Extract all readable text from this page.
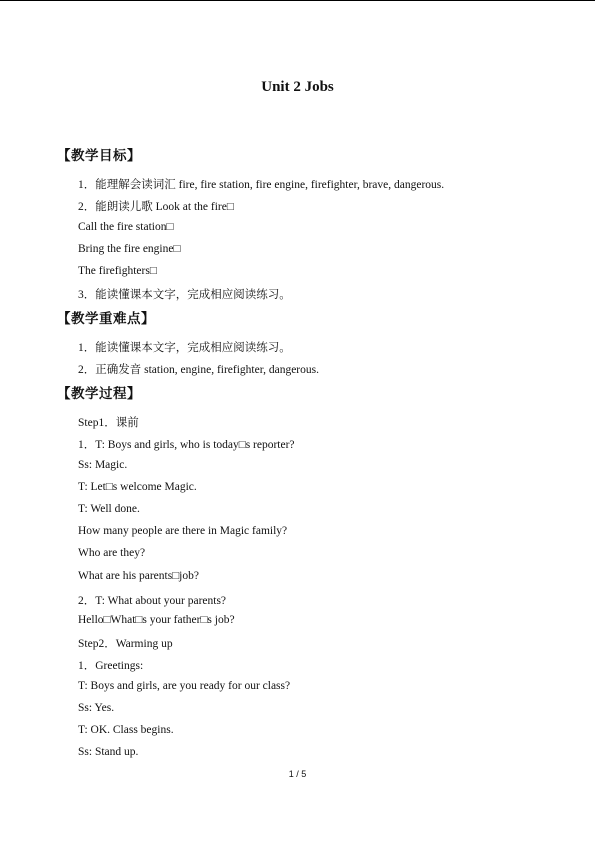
Unit 2 Jobs
【教学目标】
1．能理解会读词汇 fire, fire station, fire engine, firefighter, brave, dangerous.
2．能朗读儿歌 Look at the fire□
Call the fire station□
Bring the fire engine□
The firefighters□
3．能读懂课本文字，完成相应阅读练习。
【教学重难点】
1．能读懂课本文字，完成相应阅读练习。
2．正确发音 station, engine, firefighter, dangerous.
【教学过程】
Step1．课前
1．T: Boys and girls, who is today□s reporter?
Ss: Magic.
T: Let□s welcome Magic.
T: Well done.
How many people are there in Magic family?
Who are they?
What are his parents□job?
2．T: What about your parents?
Hello□What□s your father□s job?
Step2．Warming up
1．Greetings:
T: Boys and girls, are you ready for our class?
Ss: Yes.
T: OK. Class begins.
Ss: Stand up.
1 / 5
